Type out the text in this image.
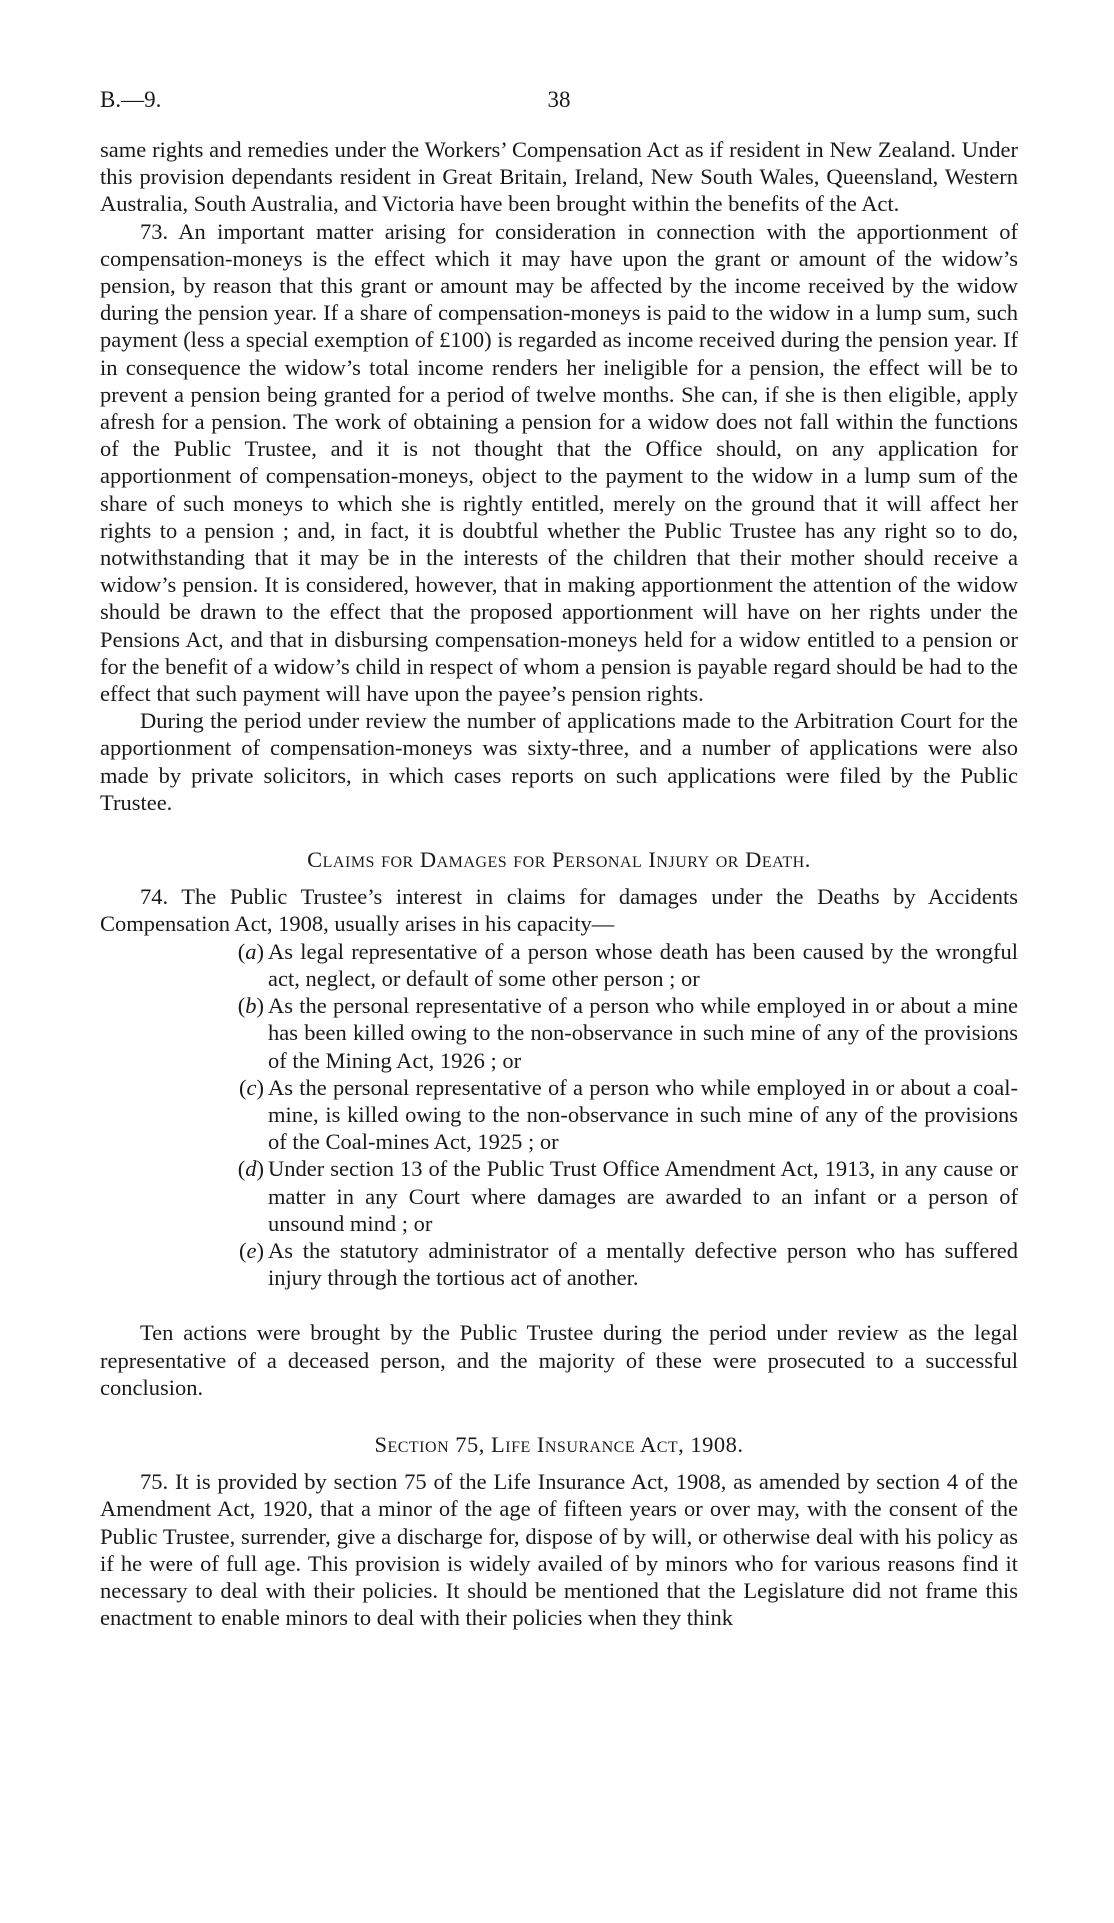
B.—9.	38

same rights and remedies under the Workers’ Compensation Act as if resident in New Zealand. Under this provision dependants resident in Great Britain, Ireland, New South Wales, Queensland, Western Australia, South Australia, and Victoria have been brought within the benefits of the Act.

73. An important matter arising for consideration in connection with the apportionment of compensation-moneys is the effect which it may have upon the grant or amount of the widow’s pension, by reason that this grant or amount may be affected by the income received by the widow during the pension year. If a share of compensation-moneys is paid to the widow in a lump sum, such payment (less a special exemption of £100) is regarded as income received during the pension year. If in consequence the widow’s total income renders her ineligible for a pension, the effect will be to prevent a pension being granted for a period of twelve months. She can, if she is then eligible, apply afresh for a pension. The work of obtaining a pension for a widow does not fall within the functions of the Public Trustee, and it is not thought that the Office should, on any application for apportionment of compensation-moneys, object to the payment to the widow in a lump sum of the share of such moneys to which she is rightly entitled, merely on the ground that it will affect her rights to a pension ; and, in fact, it is doubtful whether the Public Trustee has any right so to do, notwithstanding that it may be in the interests of the children that their mother should receive a widow’s pension. It is considered, however, that in making apportionment the attention of the widow should be drawn to the effect that the proposed apportionment will have on her rights under the Pensions Act, and that in disbursing compensation-moneys held for a widow entitled to a pension or for the benefit of a widow’s child in respect of whom a pension is payable regard should be had to the effect that such payment will have upon the payee’s pension rights.

During the period under review the number of applications made to the Arbitration Court for the apportionment of compensation-moneys was sixty-three, and a number of applications were also made by private solicitors, in which cases reports on such applications were filed by the Public Trustee.

Claims for Damages for Personal Injury or Death.

74. The Public Trustee’s interest in claims for damages under the Deaths by Accidents Compensation Act, 1908, usually arises in his capacity—

(a) As legal representative of a person whose death has been caused by the wrongful act, neglect, or default of some other person ; or
(b) As the personal representative of a person who while employed in or about a mine has been killed owing to the non-observance in such mine of any of the provisions of the Mining Act, 1926 ; or
(c) As the personal representative of a person who while employed in or about a coal-mine, is killed owing to the non-observance in such mine of any of the provisions of the Coal-mines Act, 1925 ; or
(d) Under section 13 of the Public Trust Office Amendment Act, 1913, in any cause or matter in any Court where damages are awarded to an infant or a person of unsound mind ; or
(e) As the statutory administrator of a mentally defective person who has suffered injury through the tortious act of another.

Ten actions were brought by the Public Trustee during the period under review as the legal representative of a deceased person, and the majority of these were prosecuted to a successful conclusion.

Section 75, Life Insurance Act, 1908.

75. It is provided by section 75 of the Life Insurance Act, 1908, as amended by section 4 of the Amendment Act, 1920, that a minor of the age of fifteen years or over may, with the consent of the Public Trustee, surrender, give a discharge for, dispose of by will, or otherwise deal with his policy as if he were of full age. This provision is widely availed of by minors who for various reasons find it necessary to deal with their policies. It should be mentioned that the Legislature did not frame this enactment to enable minors to deal with their policies when they think
